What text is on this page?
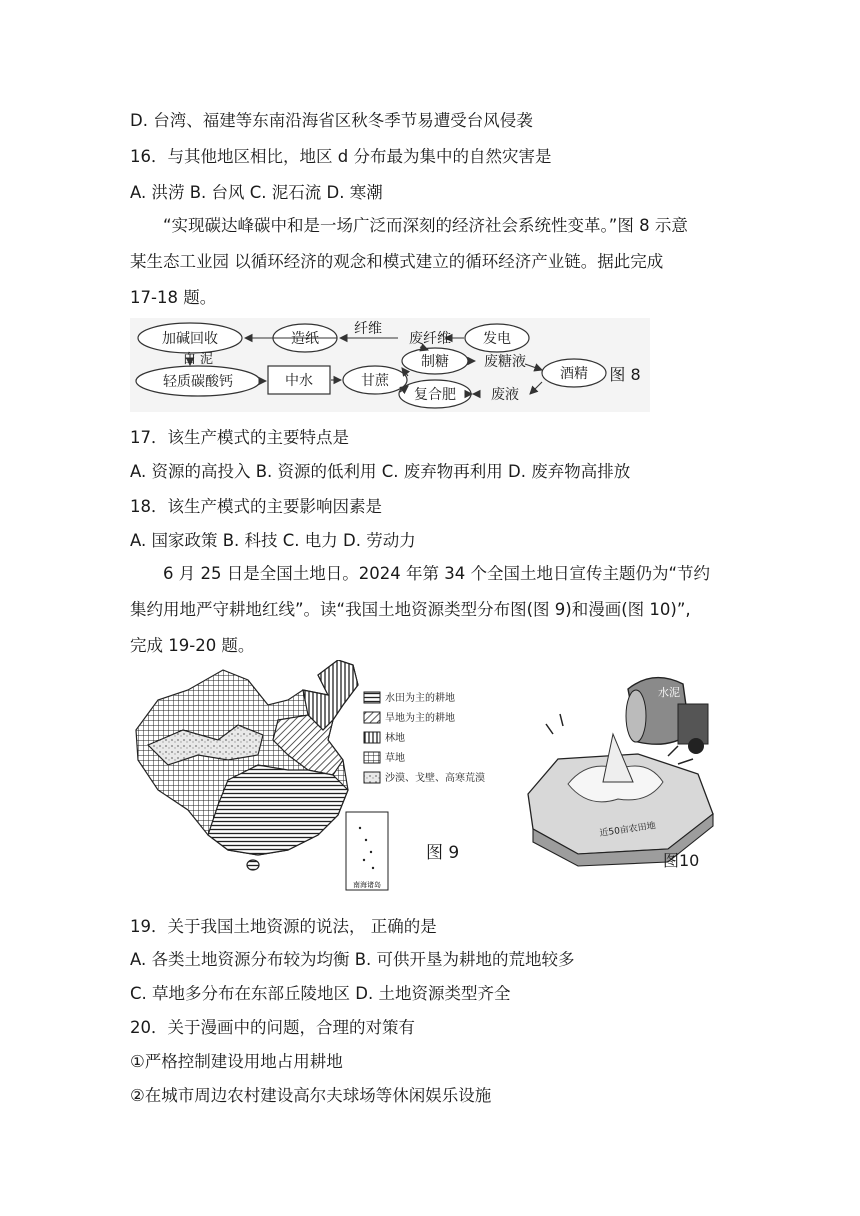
D. 台湾、福建等东南沿海省区秋冬季节易遭受台风侵袭
16．与其他地区相比，地区 d 分布最为集中的自然灾害是
A. 洪涝 B. 台风 C. 泥石流 D. 寒潮
“实现碳达峰碳中和是一场广泛而深刻的经济社会系统性变革。”图 8 示意
某生态工业园 以循环经济的观念和模式建立的循环经济产业链。据此完成
17-18 题。
加碱回收	造纸
纤维
废纤维 发电
白 泥
轻质碳酸钙	中水	甘蔗
制糖	废糖液
酒精
复合肥	废液
图 8
17．该生产模式的主要特点是
A. 资源的高投入 B. 资源的低利用 C. 废弃物再利用 D. 废弃物高排放
18．该生产模式的主要影响因素是
A. 国家政策 B. 科技 C. 电力 D. 劳动力
6 月 25 日是全国土地日。2024 年第 34 个全国土地日宣传主题仍为“节约
集约用地严守耕地红线”。读“我国土地资源类型分布图(图 9)和漫画(图 10)”,
完成 19-20 题。
南海诸岛
水田为主的耕地
旱地为主的耕地
林地
草地
沙漠、戈壁、高寒荒漠
图 9
水泥
近50亩农田地
图10
19．关于我国土地资源的说法， 正确的是
A. 各类土地资源分布较为均衡 B. 可供开垦为耕地的荒地较多
C. 草地多分布在东部丘陵地区 D. 土地资源类型齐全
20．关于漫画中的问题，合理的对策有
①严格控制建设用地占用耕地
②在城市周边农村建设高尔夫球场等休闲娱乐设施
